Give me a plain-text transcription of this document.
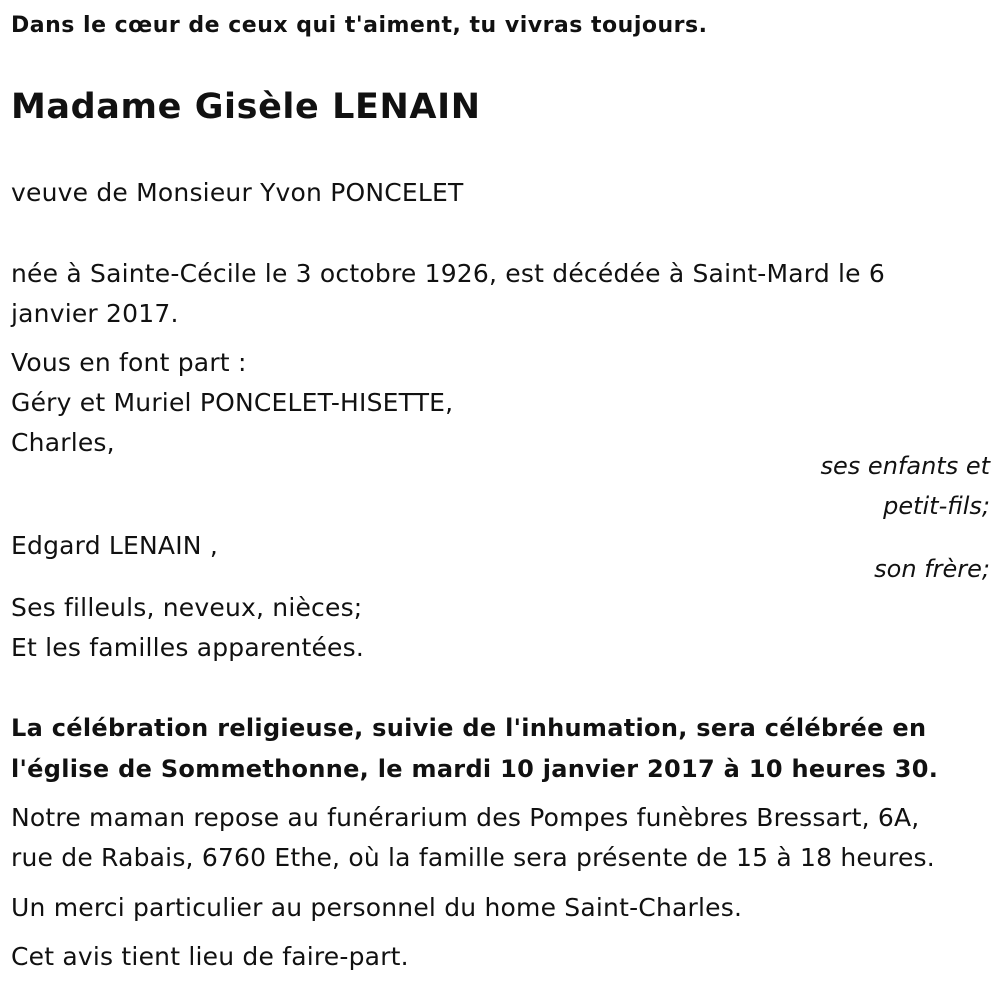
Dans le cœur de ceux qui t'aiment, tu vivras toujours.
Madame Gisèle LENAIN
veuve de Monsieur Yvon PONCELET
née à Sainte-Cécile le 3 octobre 1926, est décédée à Saint-Mard le 6
janvier 2017.
Vous en font part :
Géry et Muriel PONCELET-HISETTE,
Charles,
ses enfants et
petit-fils;
Edgard LENAIN ,
son frère;
Ses filleuls, neveux, nièces;
Et les familles apparentées.
La célébration religieuse, suivie de l'inhumation, sera célébrée en
l'église de Sommethonne, le mardi 10 janvier 2017 à 10 heures 30.
Notre maman repose au funérarium des Pompes funèbres Bressart, 6A,
rue de Rabais, 6760 Ethe, où la famille sera présente de 15 à 18 heures.
Un merci particulier au personnel du home Saint-Charles.
Cet avis tient lieu de faire-part.
